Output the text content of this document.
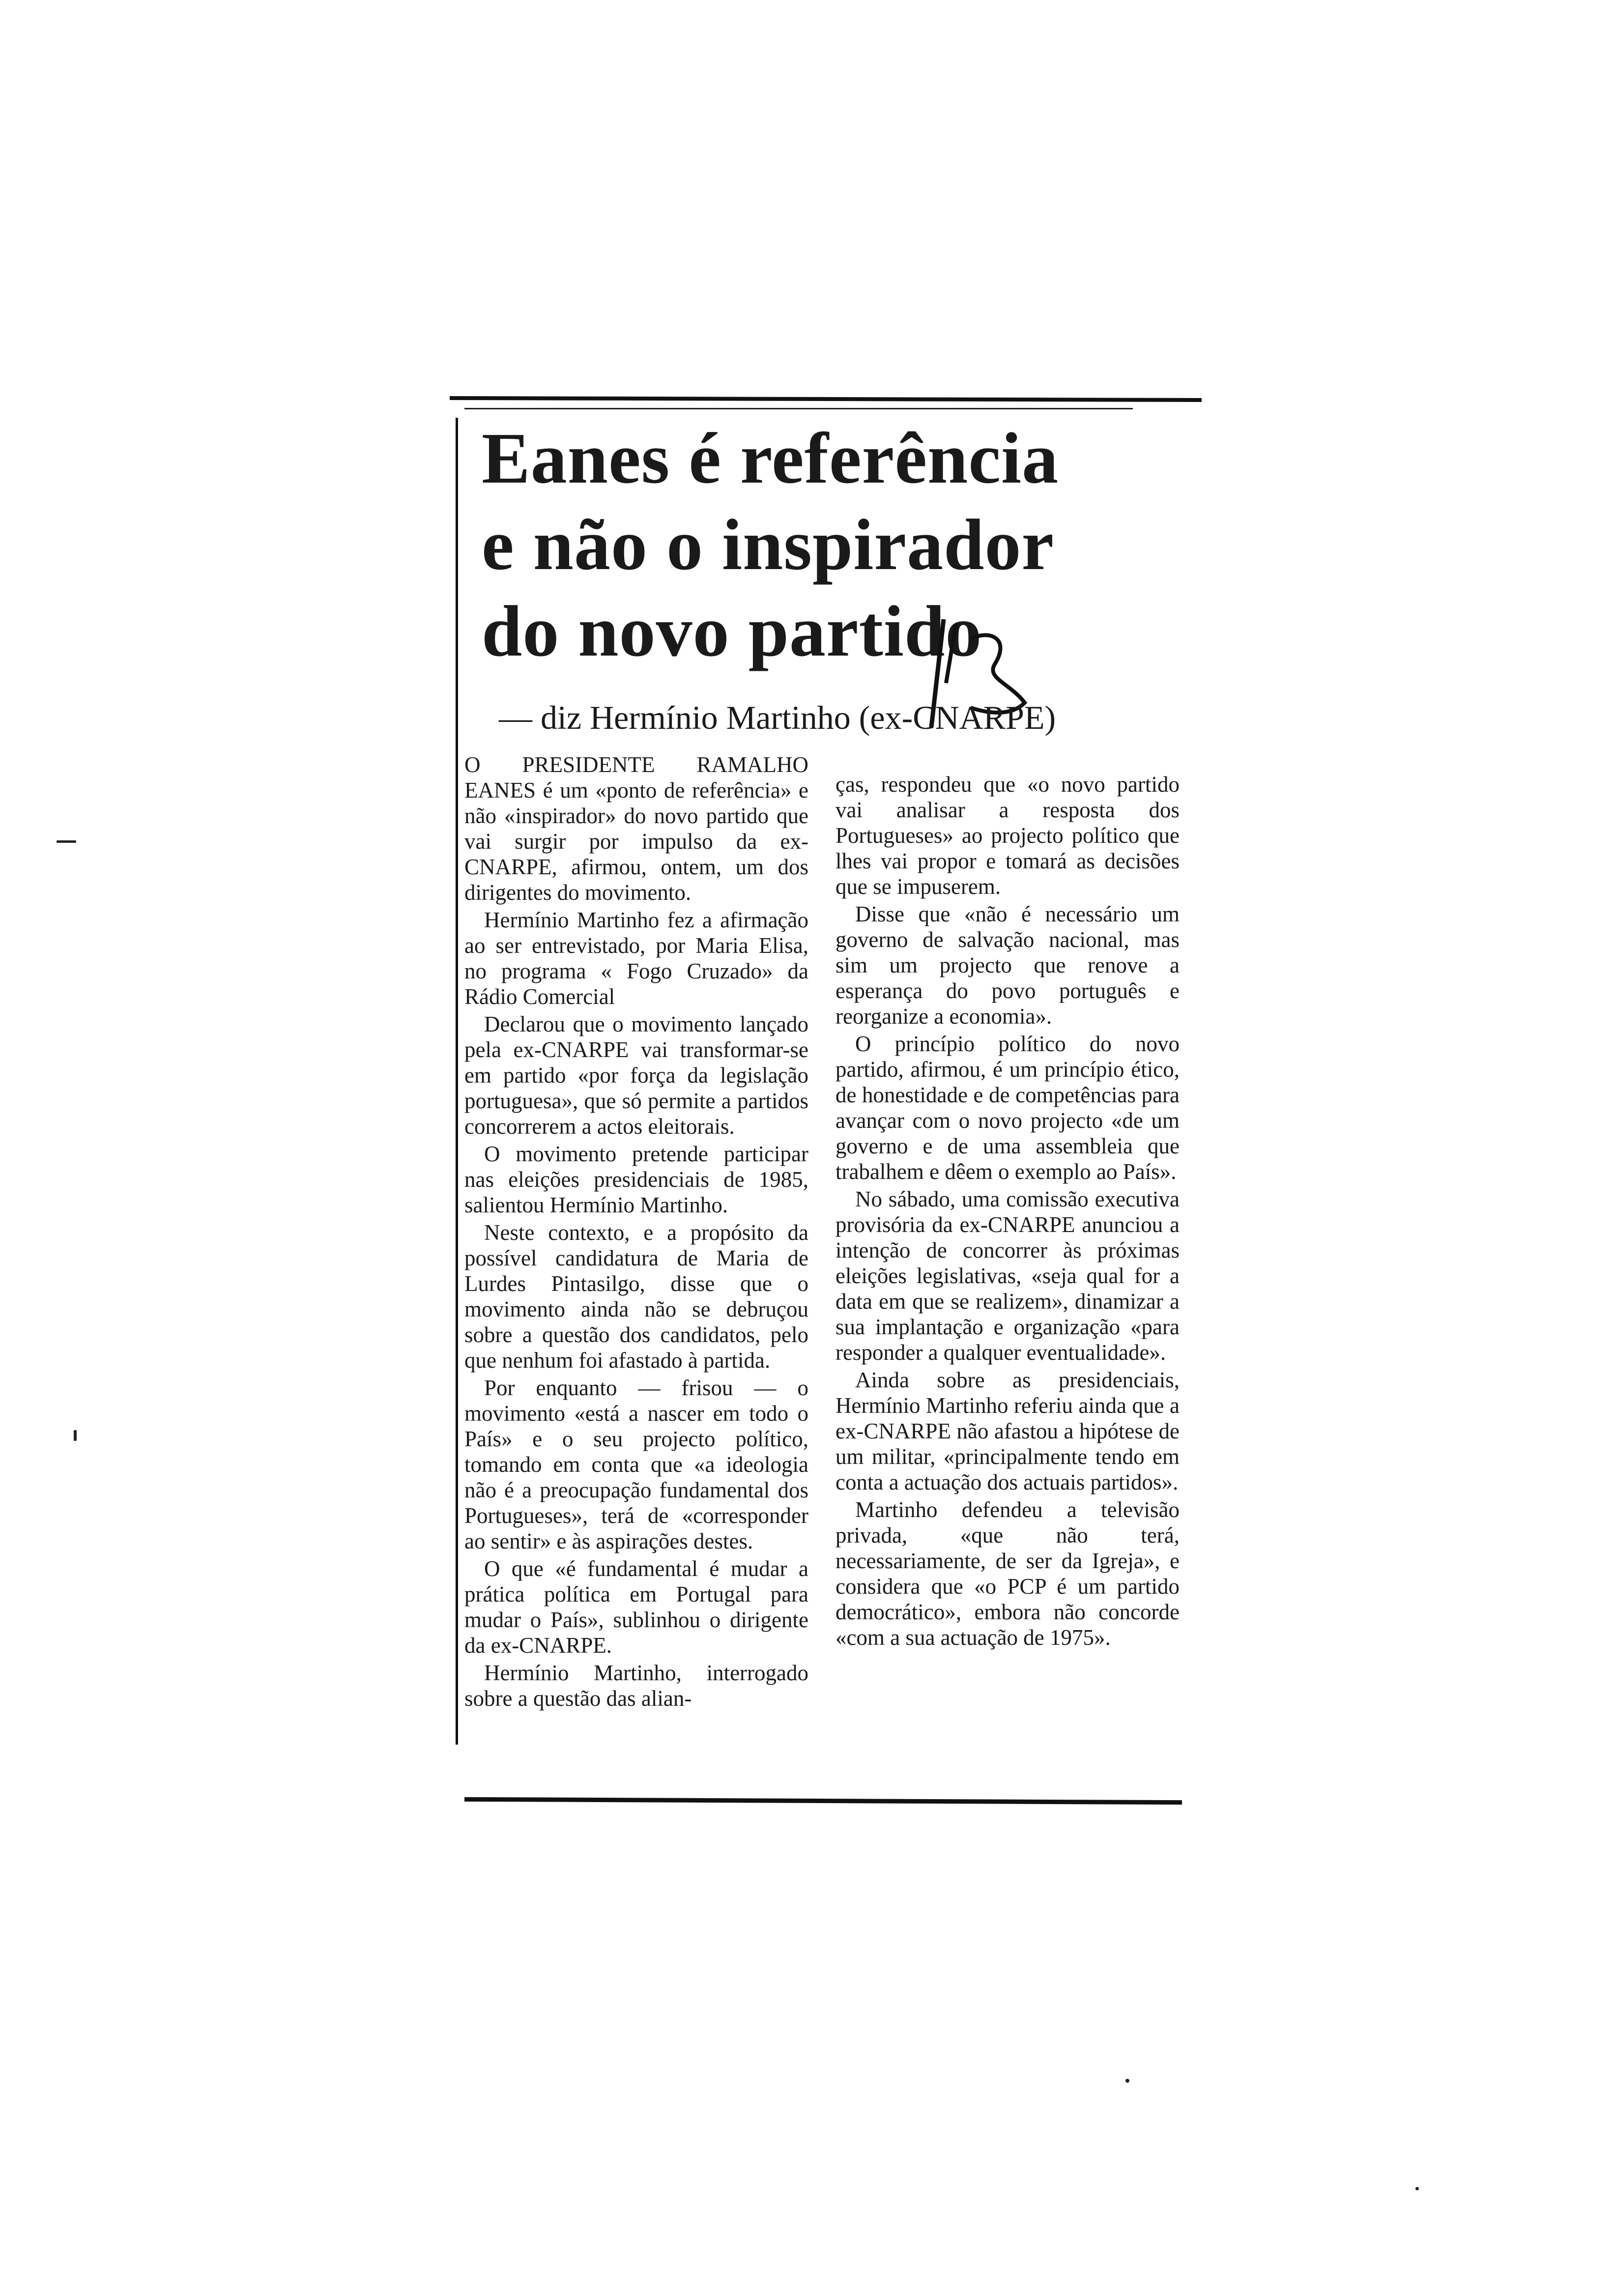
Eanes é referência
e não o inspirador
do novo partido
— diz Hermínio Martinho (ex-CNARPE)

O PRESIDENTE RAMALHO EANES é um «ponto de referência» e não «inspirador» do novo partido que vai surgir por impulso da ex-CNARPE, afirmou, ontem, um dos dirigentes do movimento.

Hermínio Martinho fez a afirmação ao ser entrevistado, por Maria Elisa, no programa « Fogo Cruzado» da Rádio Comercial

Declarou que o movimento lançado pela ex-CNARPE vai transformar-se em partido «por força da legislação portuguesa», que só permite a partidos concorrerem a actos eleitorais.

O movimento pretende participar nas eleições presidenciais de 1985, salientou Hermínio Martinho.

Neste contexto, e a propósito da possível candidatura de Maria de Lurdes Pintasilgo, disse que o movimento ainda não se debruçou sobre a questão dos candidatos, pelo que nenhum foi afastado à partida.

Por enquanto — frisou — o movimento «está a nascer em todo o País» e o seu projecto político, tomando em conta que «a ideologia não é a preocupação fundamental dos Portugueses», terá de «corresponder ao sentir» e às aspirações destes.

O que «é fundamental é mudar a prática política em Portugal para mudar o País», sublinhou o dirigente da ex-CNARPE.

Hermínio Martinho, interrogado sobre a questão das alian-

ças, respondeu que «o novo partido vai analisar a resposta dos Portugueses» ao projecto político que lhes vai propor e tomará as decisões que se impuserem.

Disse que «não é necessário um governo de salvação nacional, mas sim um projecto que renove a esperança do povo português e reorganize a economia».

O princípio político do novo partido, afirmou, é um princípio ético, de honestidade e de competências para avançar com o novo projecto «de um governo e de uma assembleia que trabalhem e dêem o exemplo ao País».

No sábado, uma comissão executiva provisória da ex-CNARPE anunciou a intenção de concorrer às próximas eleições legislativas, «seja qual for a data em que se realizem», dinamizar a sua implantação e organização «para responder a qualquer eventualidade».

Ainda sobre as presidenciais, Hermínio Martinho referiu ainda que a ex-CNARPE não afastou a hipótese de um militar, «principalmente tendo em conta a actuação dos actuais partidos».

Martinho defendeu a televisão privada, «que não terá, necessariamente, de ser da Igreja», e considera que «o PCP é um partido democrático», embora não concorde «com a sua actuação de 1975».
